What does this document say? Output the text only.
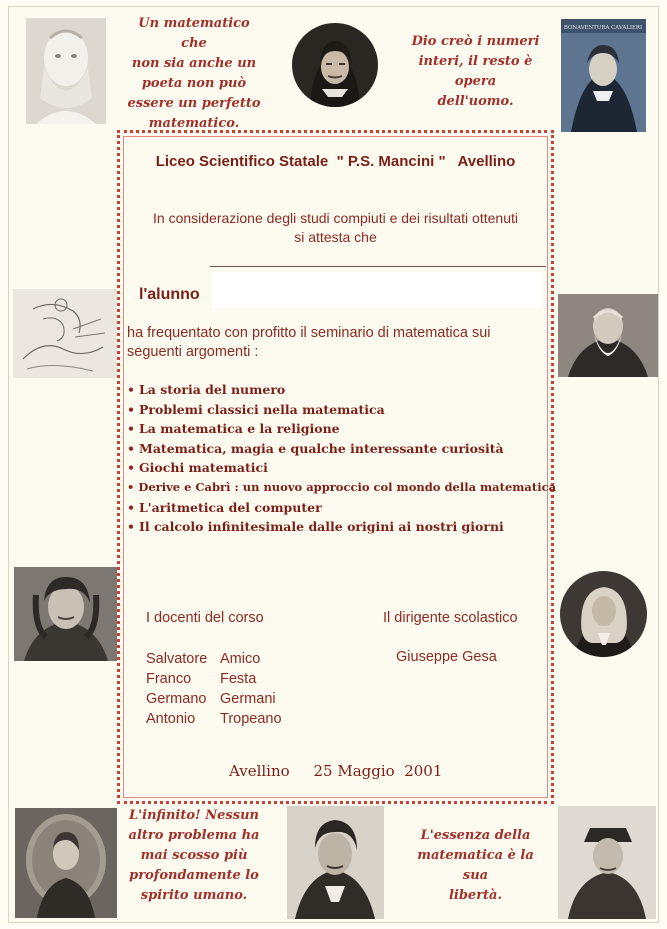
Un matematico che
non sia anche un
poeta non può
essere un perfetto
matematico.
Dio creò i numeri
interi, il resto è opera
dell'uomo.
BONAVENTURA CAVALIERI
L'infinito! Nessun
altro problema ha
mai scosso più
profondamente lo
spirito umano.
L'essenza della
matematica è la sua
libertà.
Liceo Scientifico Statale  " P.S. Mancini "   Avellino
In considerazione degli studi compiuti e dei risultati ottenuti
si attesta che
l'alunno
ha frequentato con profitto il seminario di matematica sui seguenti argomenti :
• La storia del numero
• Problemi classici nella matematica
• La matematica e la religione
• Matematica, magia e qualche interessante curiosità
• Giochi matematici
• Derive e Cabrì : un nuovo approccio col mondo della matematica
• L'aritmetica del computer
• Il calcolo infinitesimale dalle origini ai nostri giorni
I docenti del corso	Il dirigente scolastico
Salvatore Amico
Franco Festa
Germano Germani
Antonio Tropeano
Giuseppe Gesa
Avellino     25 Maggio  2001
